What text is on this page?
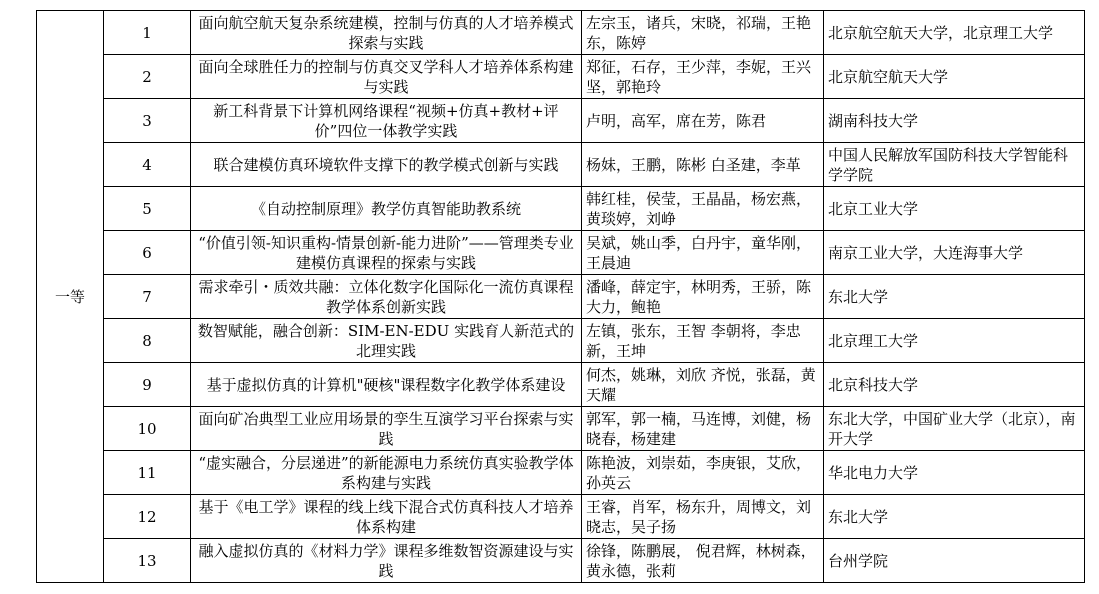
一等	1	面向航空航天复杂系统建模，控制与仿真的人才培养模式探索与实践	左宗玉，诸兵，宋晓，祁瑞，王艳东，陈婷	北京航空航天大学，北京理工大学
	2	面向全球胜任力的控制与仿真交叉学科人才培养体系构建与实践	郑征，石存，王少萍，李妮，王兴坚，郭艳玲	北京航空航天大学
	3	新工科背景下计算机网络课程“视频+仿真+教材+评价”四位一体教学实践	卢明，高军，席在芳，陈君	湖南科技大学
	4	联合建模仿真环境软件支撑下的教学模式创新与实践	杨妹，王鹏，陈彬 白圣建，李革	中国人民解放军国防科技大学智能科学学院
	5	《自动控制原理》教学仿真智能助教系统	韩红桂，侯莹，王晶晶，杨宏燕，黄琰婷，刘峥	北京工业大学
	6	“价值引领-知识重构-情景创新-能力进阶”——管理类专业建模仿真课程的探索与实践	吴斌，姚山季，白丹宇，童华刚，王晨迪	南京工业大学，大连海事大学
	7	需求牵引・质效共融：立体化数字化国际化一流仿真课程教学体系创新实践	潘峰，薛定宇，林明秀，王骄，陈大力，鲍艳	东北大学
	8	数智赋能，融合创新：SIM-EN-EDU 实践育人新范式的北理实践	左镇，张东，王智 李朝将，李忠新，王坤	北京理工大学
	9	基于虚拟仿真的计算机"硬核"课程数字化教学体系建设	何杰，姚琳，刘欣 齐悦，张磊，黄天耀	北京科技大学
	10	面向矿冶典型工业应用场景的孪生互演学习平台探索与实践	郭军，郭一楠，马连博，刘健，杨晓春，杨建建	东北大学，中国矿业大学（北京），南开大学
	11	“虚实融合，分层递进”的新能源电力系统仿真实验教学体系构建与实践	陈艳波，刘崇茹，李庚银，艾欣，孙英云	华北电力大学
	12	基于《电工学》课程的线上线下混合式仿真科技人才培养体系构建	王睿，肖军，杨东升，周博文，刘晓志，吴子扬	东北大学
	13	融入虚拟仿真的《材料力学》课程多维数智资源建设与实践	徐锋，陈鹏展， 倪君辉，林树森， 黄永德，张莉	台州学院
